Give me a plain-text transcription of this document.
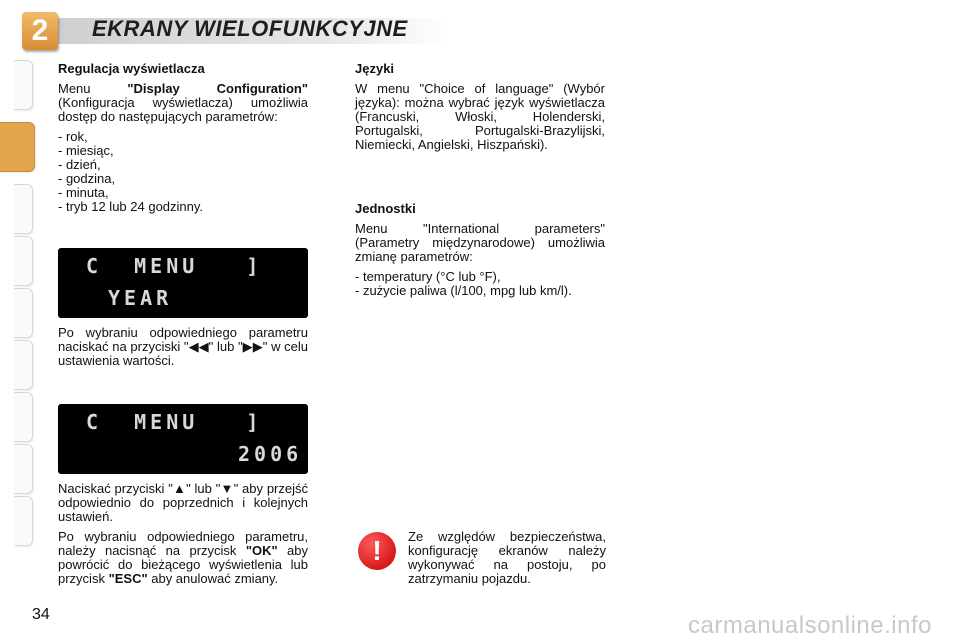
2	EKRANY WIELOFUNKCYJNE
Regulacja wyświetlacza

Menu "Display Configuration" (Konfiguracja wyświetlacza) umożliwia dostęp do następujących parametrów:

- rok,
- miesiąc,
- dzień,
- godzina,
- minuta,
- tryb 12 lub 24 godzinny.
C  MENU   ]
YEAR

Po wybraniu odpowiedniego parametru naciskać na przyciski "◀◀" lub "▶▶" w celu ustawienia wartości.

C  MENU   ]
2006

Naciskać przyciski "▲" lub "▼" aby przejść odpowiednio do poprzednich i kolejnych ustawień.

Po wybraniu odpowiedniego parametru, należy nacisnąć na przycisk "OK" aby powrócić do bieżącego wyświetlenia lub przycisk "ESC" aby anulować zmiany.

Języki

W menu "Choice of language" (Wybór języka): można wybrać język wyświetlacza (Francuski, Włoski, Holenderski, Portugalski, Portugalski-Brazylijski, Niemiecki, Angielski, Hiszpański).

Jednostki

Menu "International parameters" (Parametry międzynarodowe) umożliwia zmianę parametrów:

- temperatury (°C lub °F),
- zużycie paliwa (l/100, mpg lub km/l).
!	Ze względów bezpieczeństwa, konfigurację ekranów należy wykonywać na postoju, po zatrzymaniu pojazdu.
34	carmanualsonline.info
